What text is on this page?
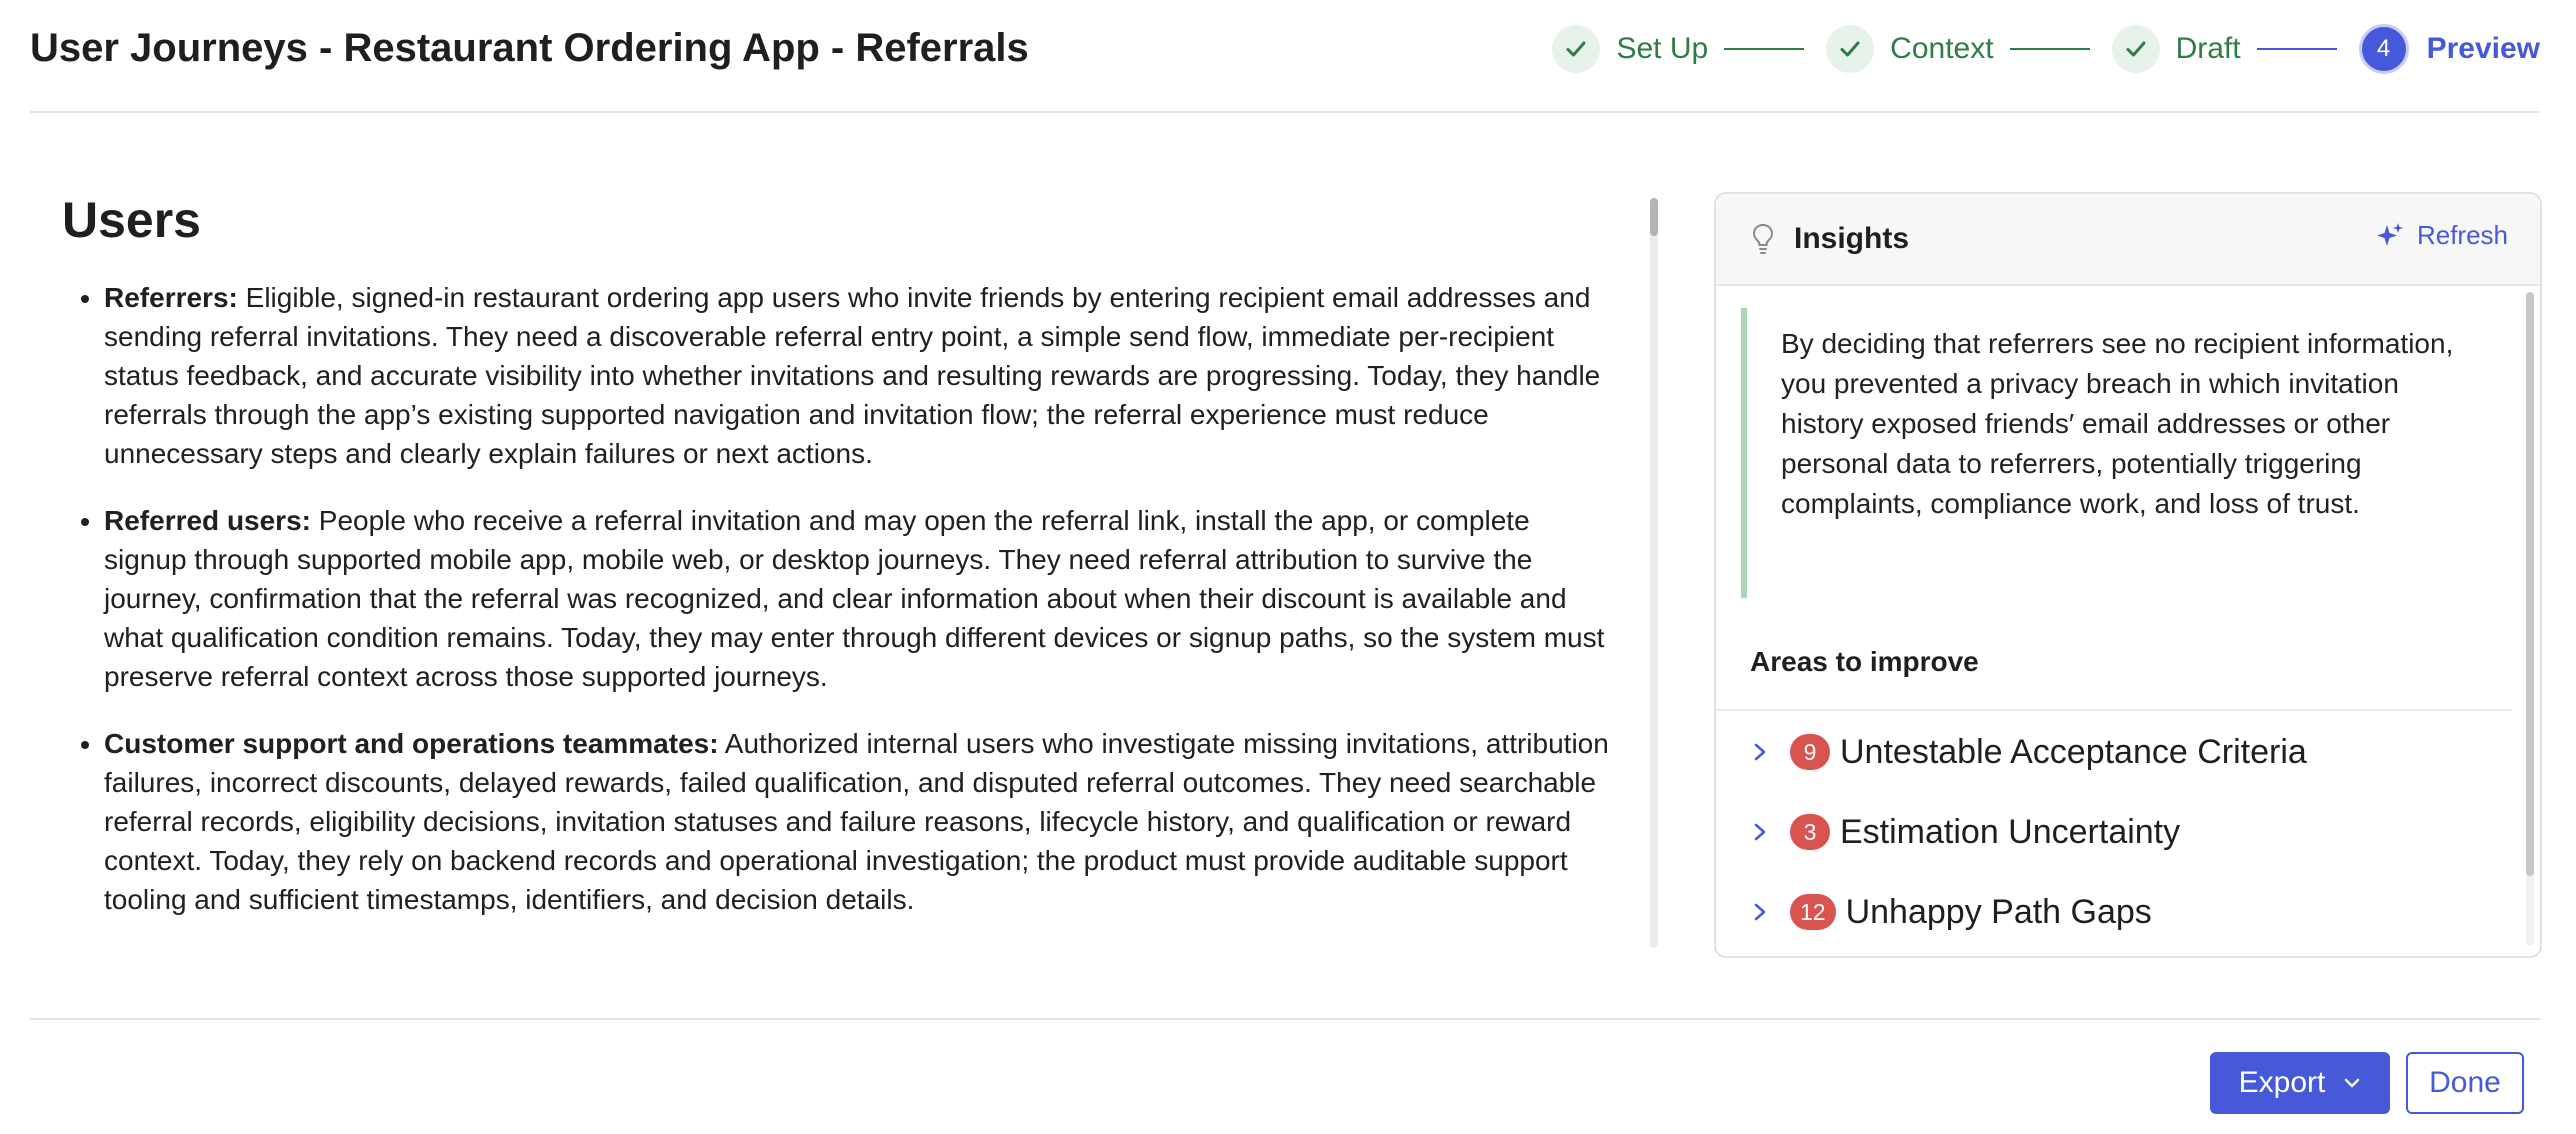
User Journeys - Restaurant Ordering App - Referrals	Set Up	Context	Draft	4	Preview
Users
• Referrers: Eligible, signed-in restaurant ordering app users who invite friends by entering recipient email addresses and sending referral invitations. They need a discoverable referral entry point, a simple send flow, immediate per-recipient status feedback, and accurate visibility into whether invitations and resulting rewards are progressing. Today, they handle referrals through the app’s existing supported navigation and invitation flow; the referral experience must reduce unnecessary steps and clearly explain failures or next actions.
• Referred users: People who receive a referral invitation and may open the referral link, install the app, or complete signup through supported mobile app, mobile web, or desktop journeys. They need referral attribution to survive the journey, confirmation that the referral was recognized, and clear information about when their discount is available and what qualification condition remains. Today, they may enter through different devices or signup paths, so the system must preserve referral context across those supported journeys.
• Customer support and operations teammates: Authorized internal users who investigate missing invitations, attribution failures, incorrect discounts, delayed rewards, failed qualification, and disputed referral outcomes. They need searchable referral records, eligibility decisions, invitation statuses and failure reasons, lifecycle history, and qualification or reward context. Today, they rely on backend records and operational investigation; the product must provide auditable support tooling and sufficient timestamps, identifiers, and decision details.
Insights	Refresh
By deciding that referrers see no recipient information, you prevented a privacy breach in which invitation history exposed friends′ email addresses or other personal data to referrers, potentially triggering complaints, compliance work, and loss of trust.
Areas to improve
9 Untestable Acceptance Criteria
3 Estimation Uncertainty
12 Unhappy Path Gaps
Export	Done
